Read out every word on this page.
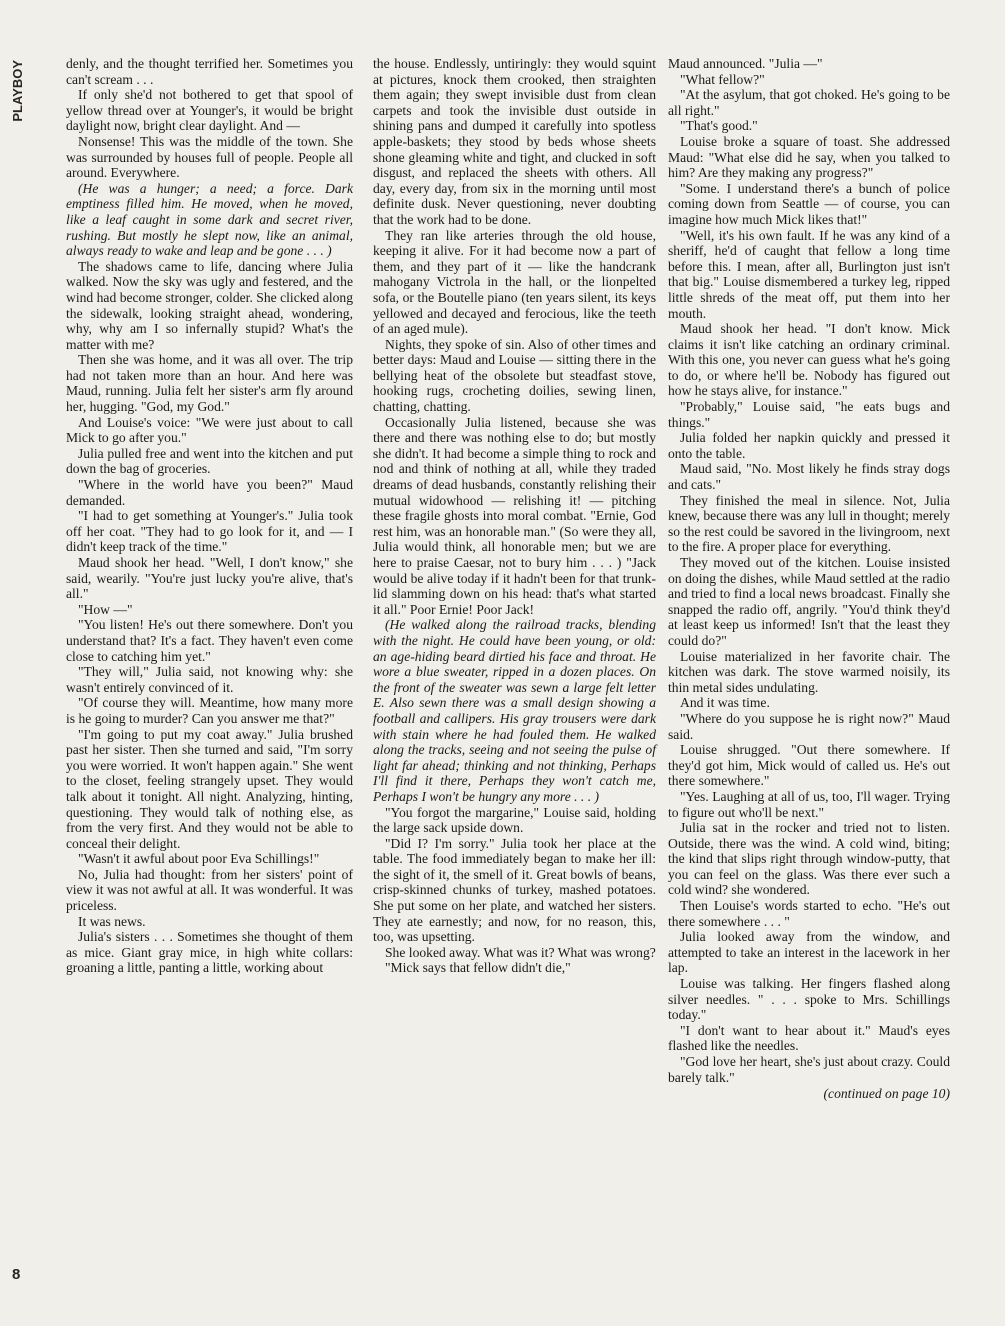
PLAYBOY	denly, and the thought terrified her. Sometimes you can't scream . . .

If only she'd not bothered to get that spool of yellow thread over at Younger's, it would be bright daylight now, bright clear daylight. And —

Nonsense! This was the middle of the town. She was surrounded by houses full of people. People all around. Everywhere.

(He was a hunger; a need; a force. Dark emptiness filled him. He moved, when he moved, like a leaf caught in some dark and secret river, rushing. But mostly he slept now, like an animal, always ready to wake and leap and be gone . . . )

The shadows came to life, dancing where Julia walked. Now the sky was ugly and festered, and the wind had become stronger, colder. She clicked along the sidewalk, looking straight ahead, wondering, why, why am I so infernally stupid? What's the matter with me?

Then she was home, and it was all over. The trip had not taken more than an hour. And here was Maud, running. Julia felt her sister's arm fly around her, hugging. "God, my God."

And Louise's voice: "We were just about to call Mick to go after you."

Julia pulled free and went into the kitchen and put down the bag of groceries.

"Where in the world have you been?" Maud demanded.

"I had to get something at Younger's." Julia took off her coat. "They had to go look for it, and — I didn't keep track of the time."

Maud shook her head. "Well, I don't know," she said, wearily. "You're just lucky you're alive, that's all."

"How —"

"You listen! He's out there somewhere. Don't you understand that? It's a fact. They haven't even come close to catching him yet."

"They will," Julia said, not knowing why: she wasn't entirely convinced of it.

"Of course they will. Meantime, how many more is he going to murder? Can you answer me that?"

"I'm going to put my coat away." Julia brushed past her sister. Then she turned and said, "I'm sorry you were worried. It won't happen again." She went to the closet, feeling strangely upset. They would talk about it tonight. All night. Analyzing, hinting, questioning. They would talk of nothing else, as from the very first. And they would not be able to conceal their delight.

"Wasn't it awful about poor Eva Schillings!"

No, Julia had thought: from her sisters' point of view it was not awful at all. It was wonderful. It was priceless.

It was news.

Julia's sisters . . . Sometimes she thought of them as mice. Giant gray mice, in high white collars: groaning a little, panting a little, working about

the house. Endlessly, untiringly: they would squint at pictures, knock them crooked, then straighten them again; they swept invisible dust from clean carpets and took the invisible dust outside in shining pans and dumped it carefully into spotless apple-baskets; they stood by beds whose sheets shone gleaming white and tight, and clucked in soft disgust, and replaced the sheets with others. All day, every day, from six in the morning until most definite dusk. Never questioning, never doubting that the work had to be done.

They ran like arteries through the old house, keeping it alive. For it had become now a part of them, and they part of it — like the handcrank mahogany Victrola in the hall, or the lionpelted sofa, or the Boutelle piano (ten years silent, its keys yellowed and decayed and ferocious, like the teeth of an aged mule).

Nights, they spoke of sin. Also of other times and better days: Maud and Louise — sitting there in the bellying heat of the obsolete but steadfast stove, hooking rugs, crocheting doilies, sewing linen, chatting, chatting.

Occasionally Julia listened, because she was there and there was nothing else to do; but mostly she didn't. It had become a simple thing to rock and nod and think of nothing at all, while they traded dreams of dead husbands, constantly relishing their mutual widowhood — relishing it! — pitching these fragile ghosts into moral combat. "Ernie, God rest him, was an honorable man." (So were they all, Julia would think, all honorable men; but we are here to praise Caesar, not to bury him . . . ) "Jack would be alive today if it hadn't been for that trunk-lid slamming down on his head: that's what started it all." Poor Ernie! Poor Jack!

(He walked along the railroad tracks, blending with the night. He could have been young, or old: an age-hiding beard dirtied his face and throat. He wore a blue sweater, ripped in a dozen places. On the front of the sweater was sewn a large felt letter E. Also sewn there was a small design showing a football and callipers. His gray trousers were dark with stain where he had fouled them. He walked along the tracks, seeing and not seeing the pulse of light far ahead; thinking and not thinking, Perhaps I'll find it there, Perhaps they won't catch me, Perhaps I won't be hungry any more . . . )

"You forgot the margarine," Louise said, holding the large sack upside down.

"Did I? I'm sorry." Julia took her place at the table. The food immediately began to make her ill: the sight of it, the smell of it. Great bowls of beans, crisp-skinned chunks of turkey, mashed potatoes. She put some on her plate, and watched her sisters. They ate earnestly; and now, for no reason, this, too, was upsetting.

She looked away. What was it? What was wrong?

"Mick says that fellow didn't die,"

Maud announced. "Julia —"

"What fellow?"

"At the asylum, that got choked. He's going to be all right."

"That's good."

Louise broke a square of toast. She addressed Maud: "What else did he say, when you talked to him? Are they making any progress?"

"Some. I understand there's a bunch of police coming down from Seattle — of course, you can imagine how much Mick likes that!"

"Well, it's his own fault. If he was any kind of a sheriff, he'd of caught that fellow a long time before this. I mean, after all, Burlington just isn't that big." Louise dismembered a turkey leg, ripped little shreds of the meat off, put them into her mouth.

Maud shook her head. "I don't know. Mick claims it isn't like catching an ordinary criminal. With this one, you never can guess what he's going to do, or where he'll be. Nobody has figured out how he stays alive, for instance."

"Probably," Louise said, "he eats bugs and things."

Julia folded her napkin quickly and pressed it onto the table.

Maud said, "No. Most likely he finds stray dogs and cats."

They finished the meal in silence. Not, Julia knew, because there was any lull in thought; merely so the rest could be savored in the livingroom, next to the fire. A proper place for everything.

They moved out of the kitchen. Louise insisted on doing the dishes, while Maud settled at the radio and tried to find a local news broadcast. Finally she snapped the radio off, angrily. "You'd think they'd at least keep us informed! Isn't that the least they could do?"

Louise materialized in her favorite chair. The kitchen was dark. The stove warmed noisily, its thin metal sides undulating.

And it was time.

"Where do you suppose he is right now?" Maud said.

Louise shrugged. "Out there somewhere. If they'd got him, Mick would of called us. He's out there somewhere."

"Yes. Laughing at all of us, too, I'll wager. Trying to figure out who'll be next."

Julia sat in the rocker and tried not to listen. Outside, there was the wind. A cold wind, biting; the kind that slips right through window-putty, that you can feel on the glass. Was there ever such a cold wind? she wondered.

Then Louise's words started to echo. "He's out there somewhere . . . "

Julia looked away from the window, and attempted to take an interest in the lacework in her lap.

Louise was talking. Her fingers flashed along silver needles. " . . . spoke to Mrs. Schillings today."

"I don't want to hear about it." Maud's eyes flashed like the needles.

"God love her heart, she's just about crazy. Could barely talk."

(continued on page 10)

8
